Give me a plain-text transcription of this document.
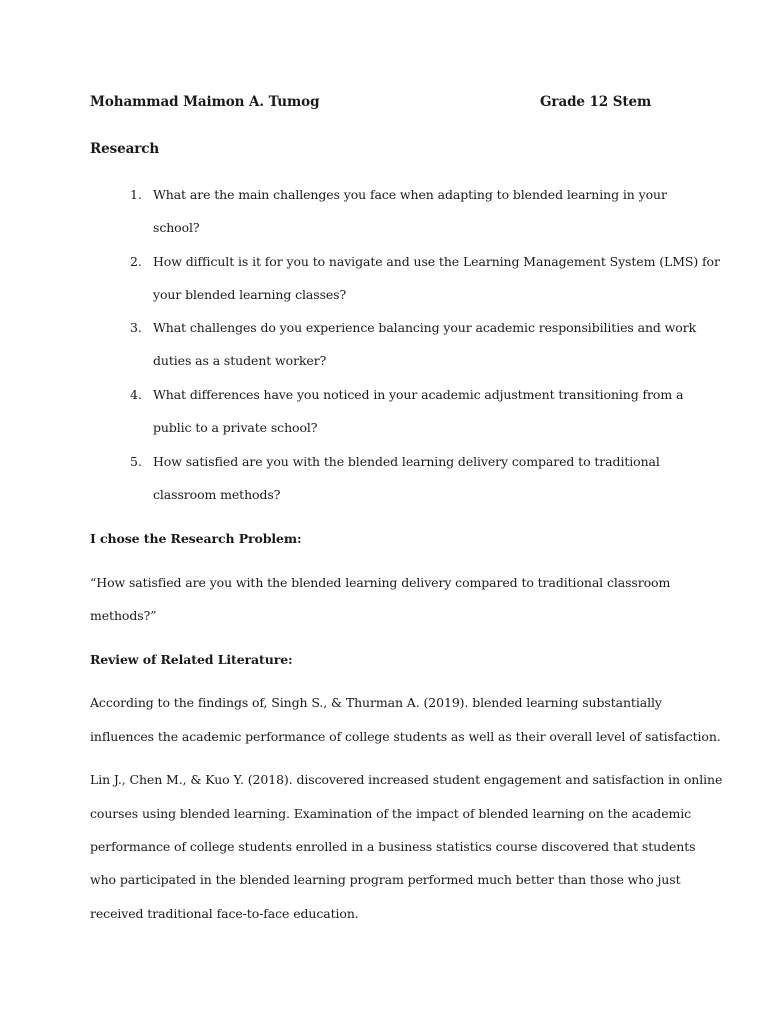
Mohammad Maimon A. Tumog	Grade 12 Stem
Research
1. What are the main challenges you face when adapting to blended learning in your
school?
2. How difficult is it for you to navigate and use the Learning Management System (LMS) for
your blended learning classes?
3. What challenges do you experience balancing your academic responsibilities and work
duties as a student worker?
4. What differences have you noticed in your academic adjustment transitioning from a
public to a private school?
5. How satisfied are you with the blended learning delivery compared to traditional
classroom methods?
I chose the Research Problem:
“How satisfied are you with the blended learning delivery compared to traditional classroom
methods?”
Review of Related Literature:
According to the findings of, Singh S., & Thurman A. (2019). blended learning substantially
influences the academic performance of college students as well as their overall level of satisfaction.
Lin J., Chen M., & Kuo Y. (2018). discovered increased student engagement and satisfaction in online
courses using blended learning. Examination of the impact of blended learning on the academic
performance of college students enrolled in a business statistics course discovered that students
who participated in the blended learning program performed much better than those who just
received traditional face-to-face education.
